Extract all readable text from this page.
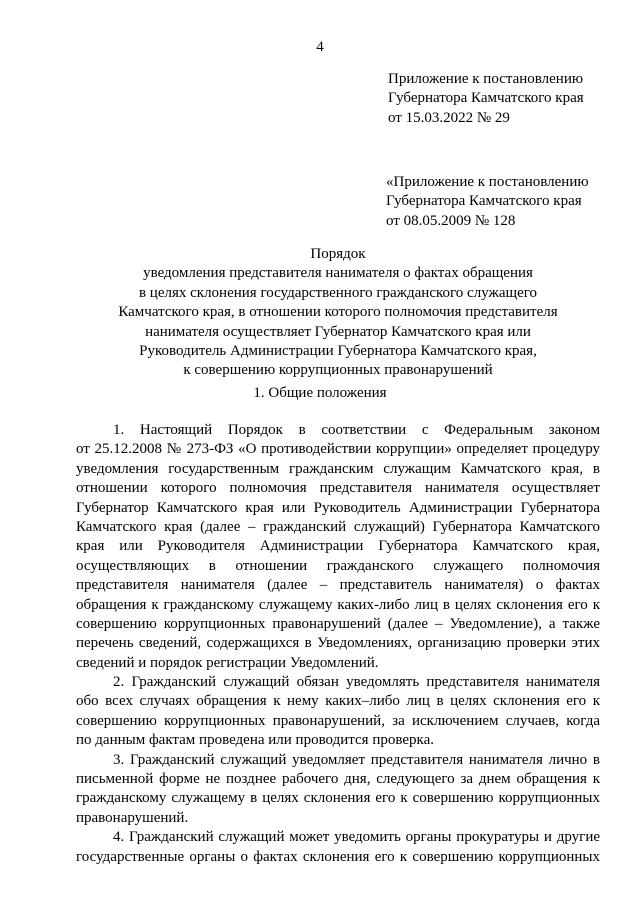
4
Приложение к постановлению
Губернатора Камчатского края
от 15.03.2022 № 29
«Приложение к постановлению
Губернатора Камчатского края
от 08.05.2009 № 128
Порядок
уведомления представителя нанимателя о фактах обращения
в целях склонения государственного гражданского служащего
Камчатского края, в отношении которого полномочия представителя
нанимателя осуществляет Губернатор Камчатского края или
Руководитель Администрации Губернатора Камчатского края,
к совершению коррупционных правонарушений
1. Общие положения
1. Настоящий Порядок в соответствии с Федеральным законом
от 25.12.2008 № 273-ФЗ «О противодействии коррупции» определяет процедуру
уведомления государственным гражданским служащим Камчатского края, в
отношении которого полномочия представителя нанимателя осуществляет
Губернатор Камчатского края или Руководитель Администрации Губернатора
Камчатского края (далее – гражданский служащий) Губернатора Камчатского
края или Руководителя Администрации Губернатора Камчатского края,
осуществляющих в отношении гражданского служащего полномочия
представителя нанимателя (далее – представитель нанимателя) о фактах
обращения к гражданскому служащему каких-либо лиц в целях склонения его к
совершению коррупционных правонарушений (далее – Уведомление), а также
перечень сведений, содержащихся в Уведомлениях, организацию проверки этих
сведений и порядок регистрации Уведомлений.
2. Гражданский служащий обязан уведомлять представителя нанимателя
обо всех случаях обращения к нему каких–либо лиц в целях склонения его к
совершению коррупционных правонарушений, за исключением случаев, когда
по данным фактам проведена или проводится проверка.
3. Гражданский служащий уведомляет представителя нанимателя лично в
письменной форме не позднее рабочего дня, следующего за днем обращения к
гражданскому служащему в целях склонения его к совершению коррупционных
правонарушений.
4. Гражданский служащий может уведомить органы прокуратуры и другие
государственные органы о фактах склонения его к совершению коррупционных
